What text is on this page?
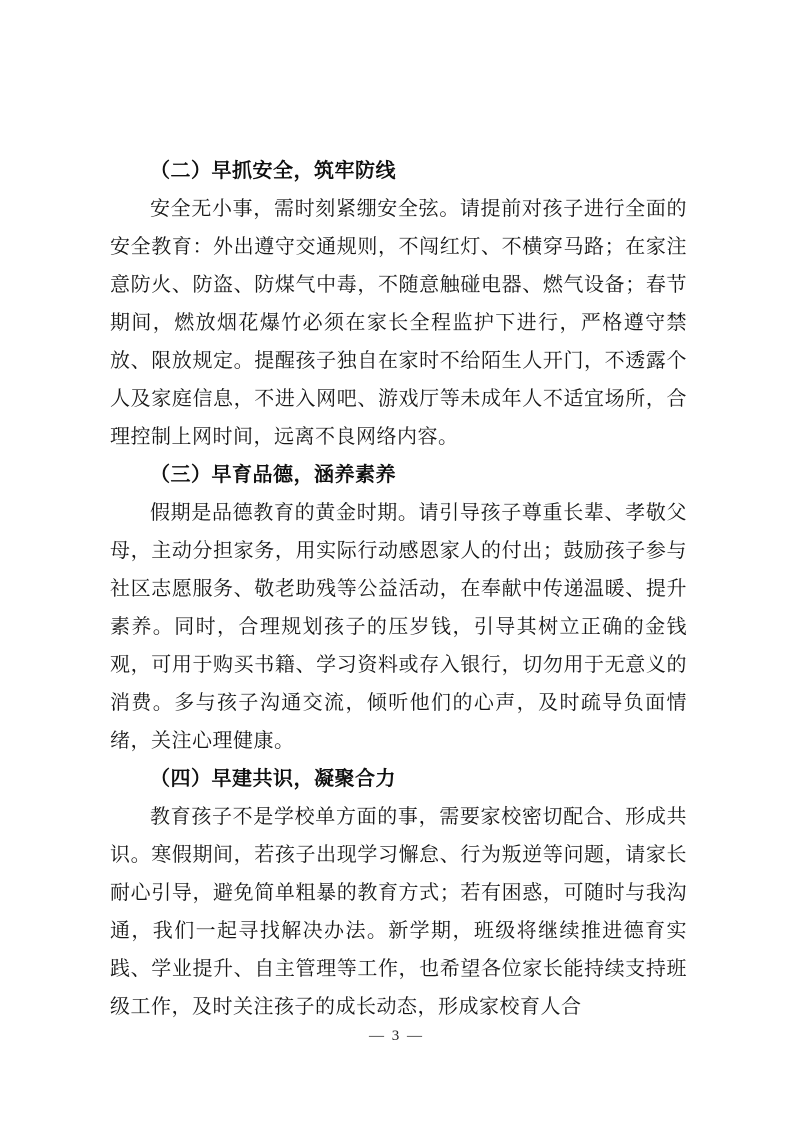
（二）早抓安全，筑牢防线

安全无小事，需时刻紧绷安全弦。请提前对孩子进行全面的安全教育：外出遵守交通规则，不闯红灯、不横穿马路；在家注意防火、防盗、防煤气中毒，不随意触碰电器、燃气设备；春节期间，燃放烟花爆竹必须在家长全程监护下进行，严格遵守禁放、限放规定。提醒孩子独自在家时不给陌生人开门，不透露个人及家庭信息，不进入网吧、游戏厅等未成年人不适宜场所，合理控制上网时间，远离不良网络内容。

（三）早育品德，涵养素养

假期是品德教育的黄金时期。请引导孩子尊重长辈、孝敬父母，主动分担家务，用实际行动感恩家人的付出；鼓励孩子参与社区志愿服务、敬老助残等公益活动，在奉献中传递温暖、提升素养。同时，合理规划孩子的压岁钱，引导其树立正确的金钱观，可用于购买书籍、学习资料或存入银行，切勿用于无意义的消费。多与孩子沟通交流，倾听他们的心声，及时疏导负面情绪，关注心理健康。

（四）早建共识，凝聚合力

教育孩子不是学校单方面的事，需要家校密切配合、形成共识。寒假期间，若孩子出现学习懈怠、行为叛逆等问题，请家长耐心引导，避免简单粗暴的教育方式；若有困惑，可随时与我沟通，我们一起寻找解决办法。新学期，班级将继续推进德育实践、学业提升、自主管理等工作，也希望各位家长能持续支持班级工作，及时关注孩子的成长动态，形成家校育人合

— 3 —
